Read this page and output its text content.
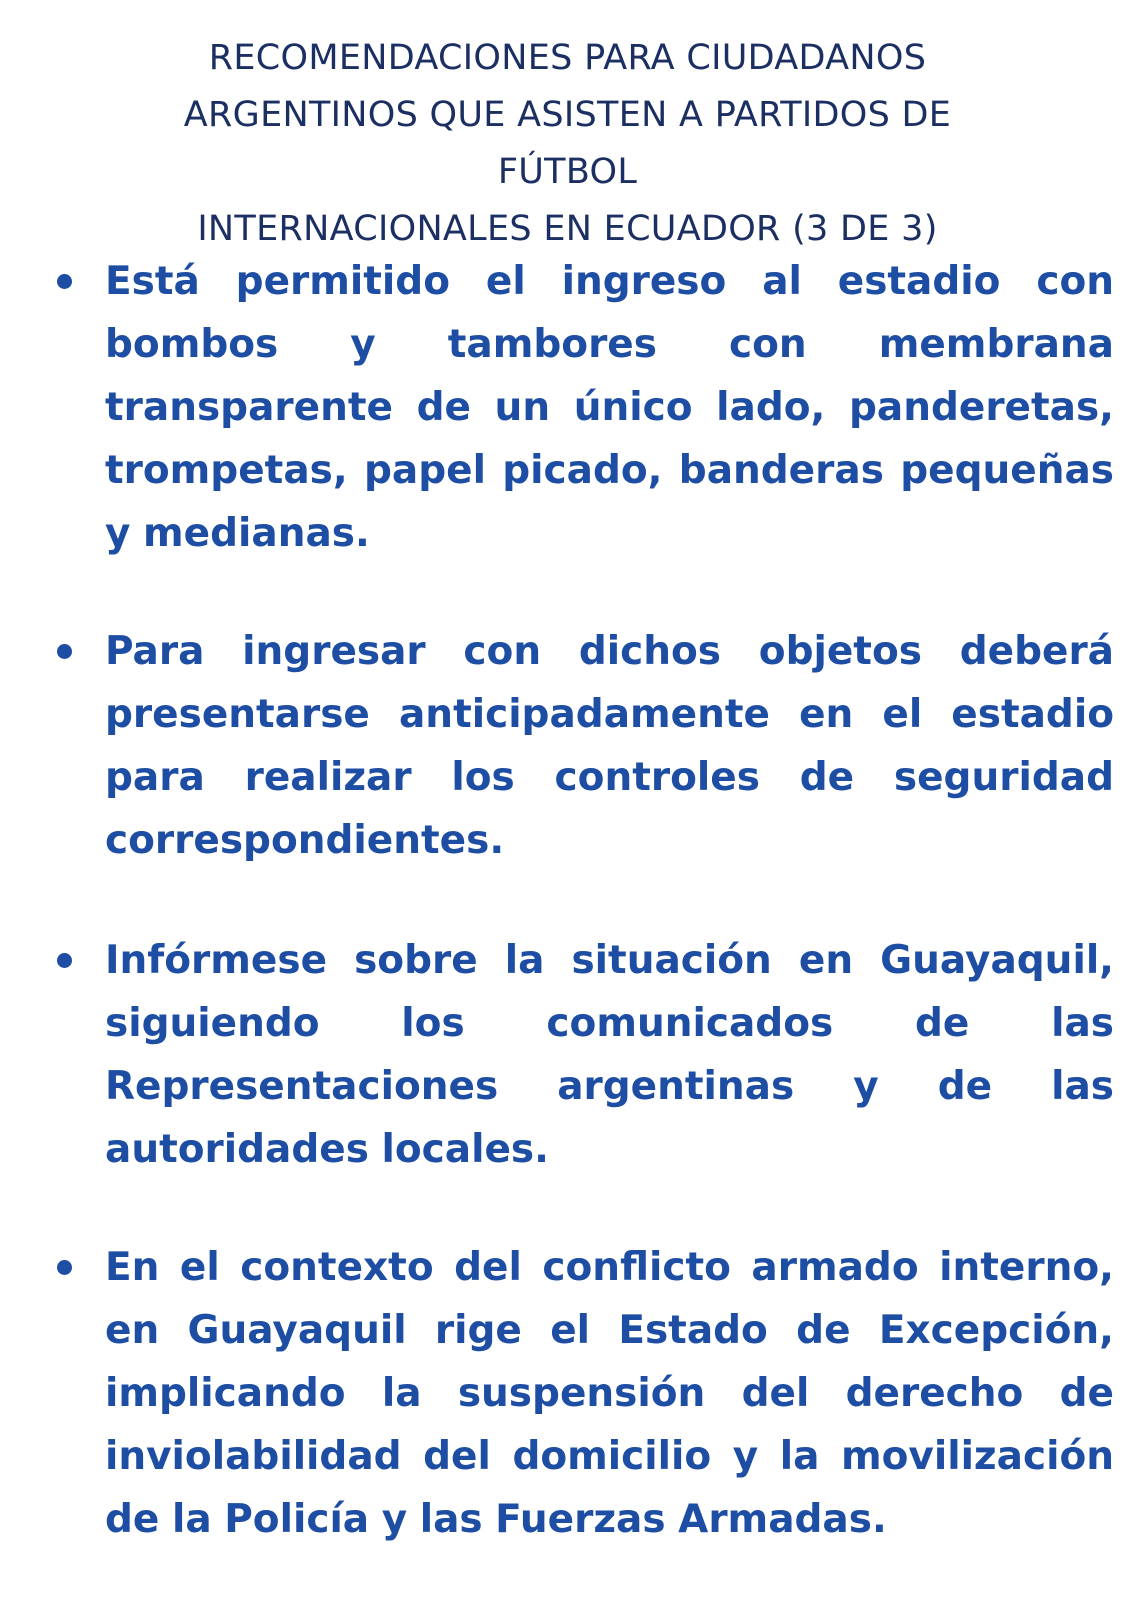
RECOMENDACIONES PARA CIUDADANOS
ARGENTINOS QUE ASISTEN A PARTIDOS DE
FÚTBOL
INTERNACIONALES EN ECUADOR (3 DE 3)
Está permitido el ingreso al estadio con bombos y tambores con membrana transparente de un único lado, panderetas, trompetas, papel picado, banderas pequeñas y medianas.
Para ingresar con dichos objetos deberá presentarse anticipadamente en el estadio para realizar los controles de seguridad correspondientes.
Infórmese sobre la situación en Guayaquil, siguiendo los comunicados de las Representaciones argentinas y de las autoridades locales.
En el contexto del conflicto armado interno, en Guayaquil rige el Estado de Excepción, implicando la suspensión del derecho de inviolabilidad del domicilio y la movilización de la Policía y las Fuerzas Armadas.
